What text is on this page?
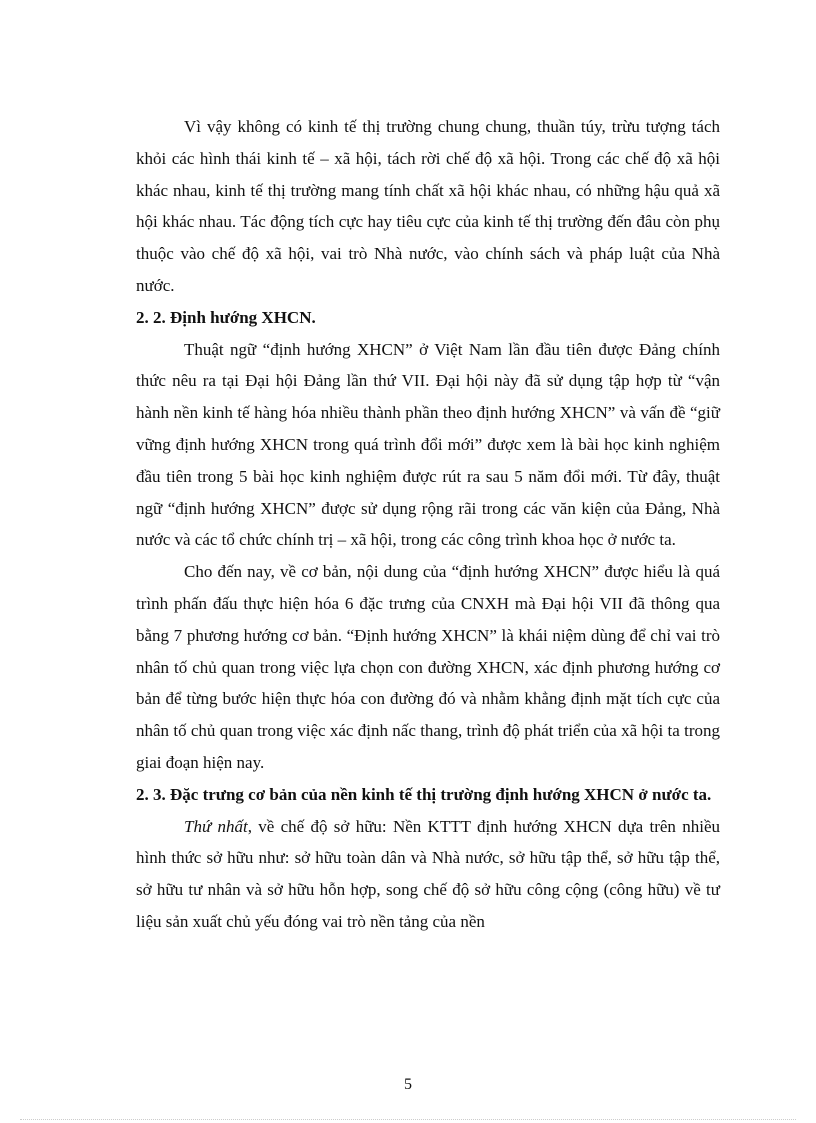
Vì vậy không có kinh tế thị trường chung chung, thuần túy, trừu tượng tách khỏi các hình thái kinh tế – xã hội, tách rời chế độ xã hội. Trong các chế độ xã hội khác nhau, kinh tế thị trường mang tính chất xã hội khác nhau, có những hậu quả xã hội khác nhau. Tác động tích cực hay tiêu cực của kinh tế thị trường đến đâu còn phụ thuộc vào chế độ xã hội, vai trò Nhà nước, vào chính sách và pháp luật của Nhà nước.

2. 2. Định hướng XHCN.

Thuật ngữ “định hướng XHCN” ở Việt Nam lần đầu tiên được Đảng chính thức nêu ra tại Đại hội Đảng lần thứ VII. Đại hội này đã sử dụng tập hợp từ “vận hành nền kinh tế hàng hóa nhiều thành phần theo định hướng XHCN” và vấn đề “giữ vững định hướng XHCN trong quá trình đổi mới” được xem là bài học kinh nghiệm đầu tiên trong 5 bài học kinh nghiệm được rút ra sau 5 năm đổi mới. Từ đây, thuật ngữ “định hướng XHCN” được sử dụng rộng rãi trong các văn kiện của Đảng, Nhà nước và các tổ chức chính trị – xã hội, trong các công trình khoa học ở nước ta.

Cho đến nay, về cơ bản, nội dung của “định hướng XHCN” được hiểu là quá trình phấn đấu thực hiện hóa 6 đặc trưng của CNXH mà Đại hội VII đã thông qua bằng 7 phương hướng cơ bản. “Định hướng XHCN” là khái niệm dùng để chỉ vai trò nhân tố chủ quan trong việc lựa chọn con đường XHCN, xác định phương hướng cơ bản để từng bước hiện thực hóa con đường đó và nhằm khẳng định mặt tích cực của nhân tố chủ quan trong việc xác định nấc thang, trình độ phát triển của xã hội ta trong giai đoạn hiện nay.

2. 3. Đặc trưng cơ bản của nền kinh tế thị trường định hướng XHCN ở nước ta.

Thứ nhất, về chế độ sở hữu: Nền KTTT định hướng XHCN dựa trên nhiều hình thức sở hữu như: sở hữu toàn dân và Nhà nước, sở hữu tập thể, sở hữu tập thể, sở hữu tư nhân và sở hữu hỗn hợp, song chế độ sở hữu công cộng (công hữu) về tư liệu sản xuất chủ yếu đóng vai trò nền tảng của nền

5
